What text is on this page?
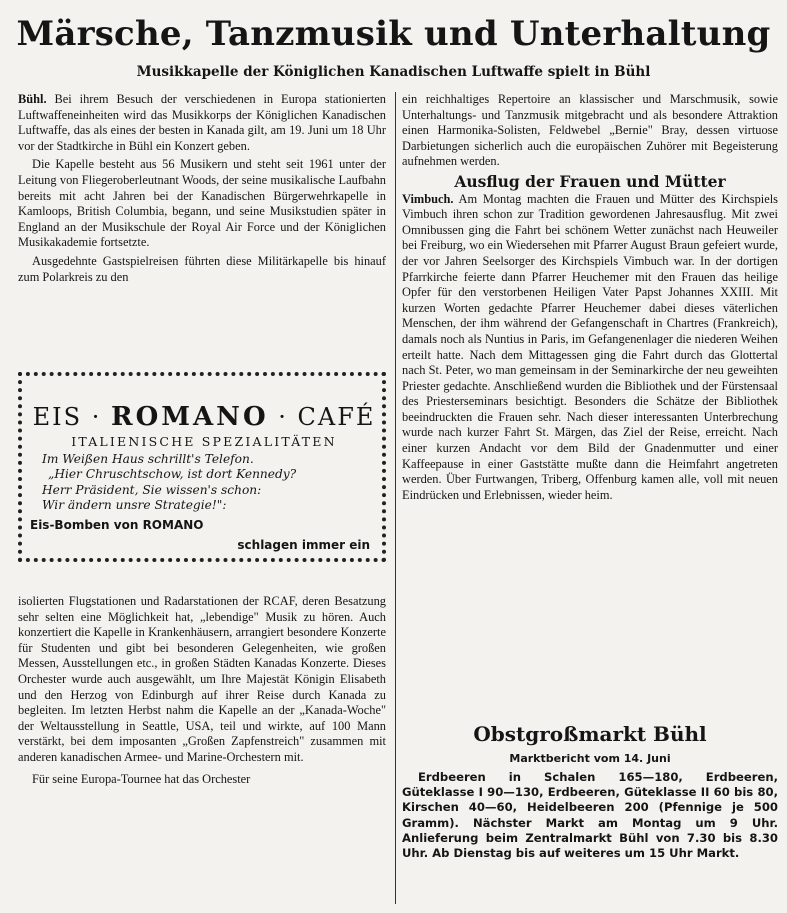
Märsche, Tanzmusik und Unterhaltung
Musikkapelle der Königlichen Kanadischen Luftwaffe spielt in Bühl

Bühl. Bei ihrem Besuch der verschiedenen in Europa stationierten Luftwaffeneinheiten wird das Musikkorps der Königlichen Kanadischen Luftwaffe, das als eines der besten in Kanada gilt, am 19. Juni um 18 Uhr vor der Stadtkirche in Bühl ein Konzert geben.

Die Kapelle besteht aus 56 Musikern und steht seit 1961 unter der Leitung von Fliegeroberleutnant Woods, der seine musikalische Laufbahn bereits mit acht Jahren bei der Kanadischen Bürgerwehrkapelle in Kamloops, British Columbia, begann, und seine Musikstudien später in England an der Musikschule der Royal Air Force und der Königlichen Musikakademie fortsetzte.

Ausgedehnte Gastspielreisen führten diese Militärkapelle bis hinauf zum Polarkreis zu den

EIS · ROMANO · CAFÉ
ITALIENISCHE SPEZIALITÄTEN
Im Weißen Haus schrillt's Telefon.
„Hier Chruschtschow, ist dort Kennedy?
Herr Präsident, Sie wissen's schon:
Wir ändern unsre Strategie!":
Eis-Bomben von ROMANO
schlagen immer ein

isolierten Flugstationen und Radarstationen der RCAF, deren Besatzung sehr selten eine Möglichkeit hat, „lebendige" Musik zu hören. Auch konzertiert die Kapelle in Krankenhäusern, arrangiert besondere Konzerte für Studenten und gibt bei besonderen Gelegenheiten, wie großen Messen, Ausstellungen etc., in großen Städten Kanadas Konzerte. Dieses Orchester wurde auch ausgewählt, um Ihre Majestät Königin Elisabeth und den Herzog von Edinburgh auf ihrer Reise durch Kanada zu begleiten. Im letzten Herbst nahm die Kapelle an der „Kanada-Woche" der Weltausstellung in Seattle, USA, teil und wirkte, auf 100 Mann verstärkt, bei dem imposanten „Großen Zapfenstreich" zusammen mit anderen kanadischen Armee- und Marine-Orchestern mit.

Für seine Europa-Tournee hat das Orchester

ein reichhaltiges Repertoire an klassischer und Marschmusik, sowie Unterhaltungs- und Tanzmusik mitgebracht und als besondere Attraktion einen Harmonika-Solisten, Feldwebel „Bernie" Bray, dessen virtuose Darbietungen sicherlich auch die europäischen Zuhörer mit Begeisterung aufnehmen werden.

Ausflug der Frauen und Mütter

Vimbuch. Am Montag machten die Frauen und Mütter des Kirchspiels Vimbuch ihren schon zur Tradition gewordenen Jahresausflug. Mit zwei Omnibussen ging die Fahrt bei schönem Wetter zunächst nach Heuweiler bei Freiburg, wo ein Wiedersehen mit Pfarrer August Braun gefeiert wurde, der vor Jahren Seelsorger des Kirchspiels Vimbuch war. In der dortigen Pfarrkirche feierte dann Pfarrer Heuchemer mit den Frauen das heilige Opfer für den verstorbenen Heiligen Vater Papst Johannes XXIII. Mit kurzen Worten gedachte Pfarrer Heuchemer dabei dieses väterlichen Menschen, der ihm während der Gefangenschaft in Chartres (Frankreich), damals noch als Nuntius in Paris, im Gefangenenlager die niederen Weihen erteilt hatte. Nach dem Mittagessen ging die Fahrt durch das Glottertal nach St. Peter, wo man gemeinsam in der Seminarkirche der neu geweihten Priester gedachte. Anschließend wurden die Bibliothek und der Fürstensaal des Priesterseminars besichtigt. Besonders die Schätze der Bibliothek beeindruckten die Frauen sehr. Nach dieser interessanten Unterbrechung wurde nach kurzer Fahrt St. Märgen, das Ziel der Reise, erreicht. Nach einer kurzen Andacht vor dem Bild der Gnadenmutter und einer Kaffeepause in einer Gaststätte mußte dann die Heimfahrt angetreten werden. Über Furtwangen, Triberg, Offenburg kamen alle, voll mit neuen Eindrücken und Erlebnissen, wieder heim.

Obstgroßmarkt Bühl
Marktbericht vom 14. Juni

Erdbeeren in Schalen 165—180, Erdbeeren, Güteklasse I 90—130, Erdbeeren, Güteklasse II 60 bis 80, Kirschen 40—60, Heidelbeeren 200 (Pfennige je 500 Gramm). Nächster Markt am Montag um 9 Uhr. Anlieferung beim Zentralmarkt Bühl von 7.30 bis 8.30 Uhr. Ab Dienstag bis auf weiteres um 15 Uhr Markt.
